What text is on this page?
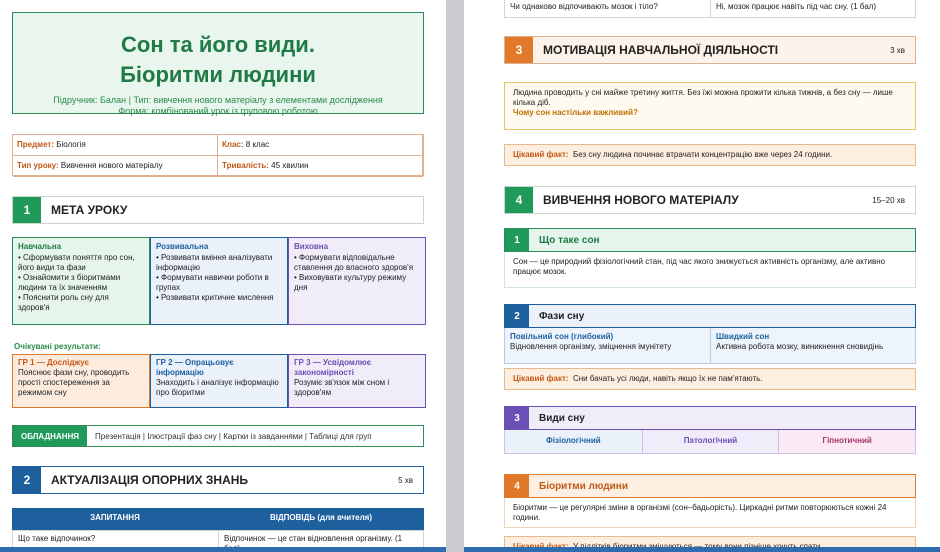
Сон та його види.
Біоритми людини
Підручник: Балан | Тип: вивчення нового матеріалу з елементами дослідження
Форма: комбінований урок із груповою роботою
Предмет: Біологія	Клас: 8 клас
Тип уроку: Вивчення нового матеріалу	Тривалість: 45 хвилин
1	МЕТА УРОКУ
Навчальна
• Сформувати поняття про сон,
його види та фази
• Ознайомити з біоритмами
людини та їх значенням
• Пояснити роль сну для
здоров'я
Розвивальна
• Розвивати вміння аналізувати
інформацію
• Формувати навички роботи в
групах
• Розвивати критичне мислення
Виховна
• Формувати відповідальне
ставлення до власного здоров'я
• Виховувати культуру режиму
дня
Очікувані результати:
ГР 1 — Досліджує
Пояснює фази сну, проводить прості спостереження за режимом сну
ГР 2 — Опрацьовує інформацію
Знаходить і аналізує інформацію про біоритми
ГР 3 — Усвідомлює закономірності
Розуміє зв'язок між сном і здоров'ям
ОБЛАДНАННЯ	Презентація | Ілюстрації фаз сну | Картки із завданнями | Таблиці для груп
2	АКТУАЛІЗАЦІЯ ОПОРНИХ ЗНАНЬ	5 хв
ЗАПИТАННЯ	ВІДПОВІДЬ (для вчителя)
Що таке відпочинок?	Відпочинок — це стан відновлення організму. (1
Чи однаково відпочивають мозок і тіло?	Ні, мозок працює навіть під час сну. (1 бал)
3	МОТИВАЦІЯ НАВЧАЛЬНОЇ ДІЯЛЬНОСТІ	3 хв
Людина проводить у сні майже третину життя. Без їжі можна прожити кілька тижнів, а без сну — лише кілька діб.
Чому сон настільки важливий?
Цікавий факт: Без сну людина починає втрачати концентрацію вже через 24 години.
4	ВИВЧЕННЯ НОВОГО МАТЕРІАЛУ	15–20 хв
1	Що таке сон
Сон — це природний фізіологічний стан, під час якого знижується активність організму, але активно працює мозок.
2	Фази сну
Повільний сон (глибокий)
Відновлення організму, зміцнення імунітету
Швидкий сон
Активна робота мозку, виникнення сновидінь
Цікавий факт: Сни бачать усі люди, навіть якщо їх не пам'ятають.
3	Види сну
Фізіологічний	Патологічний	Гіпнотичний
4	Біоритми людини
Біоритми — це регулярні зміни в організмі (сон–бадьорість). Циркадні ритми повторюються кожні 24 години.
